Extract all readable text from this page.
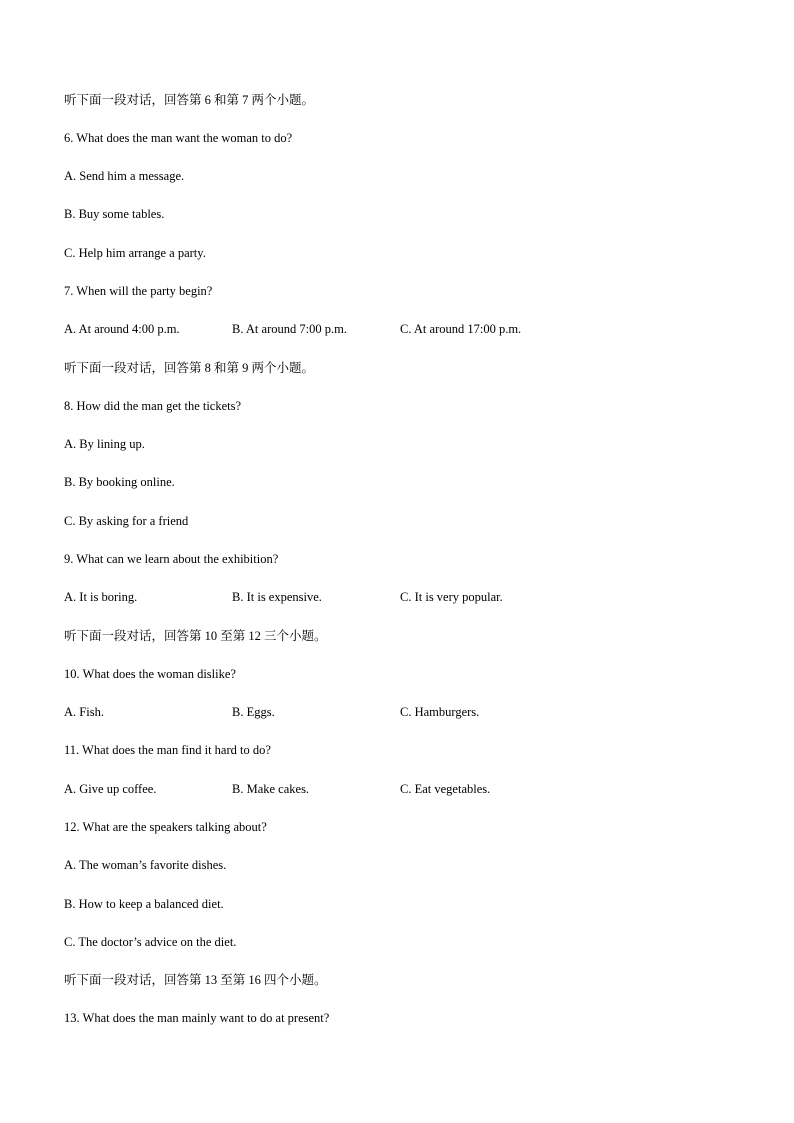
听下面一段对话，回答第 6 和第 7 两个小题。
6. What does the man want the woman to do?
A. Send him a message.
B. Buy some tables.
C. Help him arrange a party.
7. When will the party begin?
A. At around 4:00 p.m.	B. At around 7:00 p.m.	C. At around 17:00 p.m.
听下面一段对话，回答第 8 和第 9 两个小题。
8. How did the man get the tickets?
A. By lining up.
B. By booking online.
C. By asking for a friend
9. What can we learn about the exhibition?
A. It is boring.	B. It is expensive.	C. It is very popular.
听下面一段对话，回答第 10 至第 12 三个小题。
10. What does the woman dislike?
A. Fish.	B. Eggs.	C. Hamburgers.
11. What does the man find it hard to do?
A. Give up coffee.	B. Make cakes.	C. Eat vegetables.
12. What are the speakers talking about?
A. The woman’s favorite dishes.
B. How to keep a balanced diet.
C. The doctor’s advice on the diet.
听下面一段对话，回答第 13 至第 16 四个小题。
13. What does the man mainly want to do at present?
